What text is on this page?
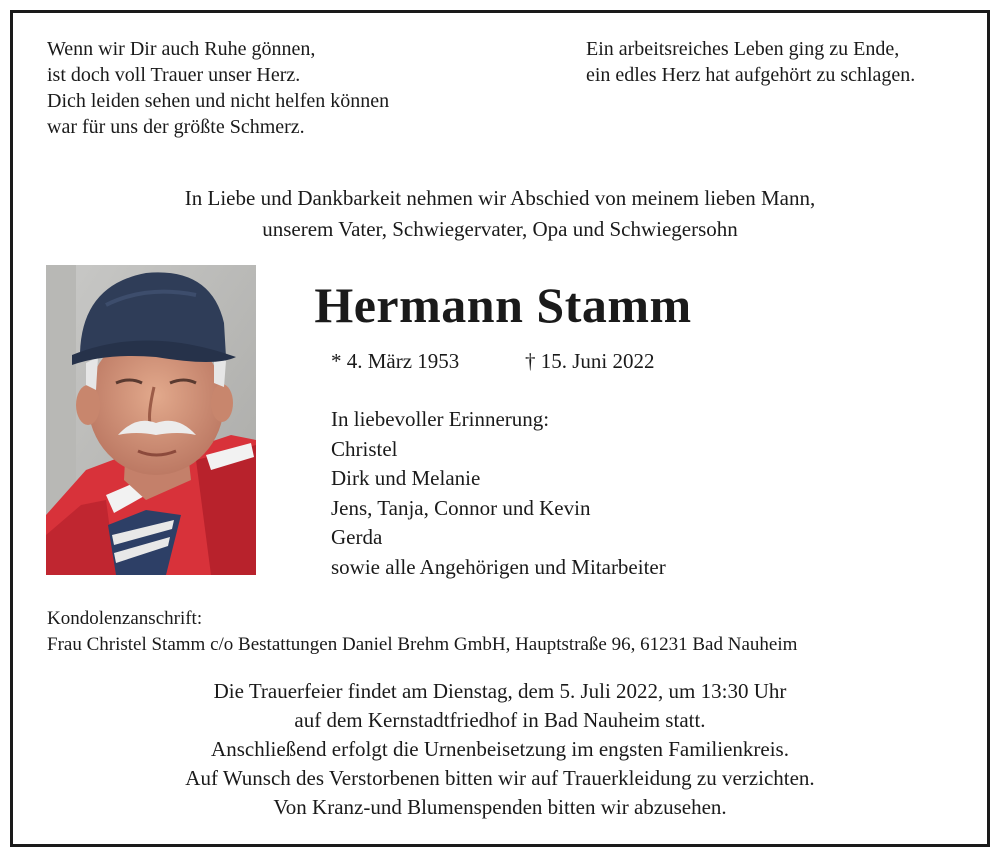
Wenn wir Dir auch Ruhe gönnen,
ist doch voll Trauer unser Herz.
Dich leiden sehen und nicht helfen können
war für uns der größte Schmerz.
Ein arbeitsreiches Leben ging zu Ende,
ein edles Herz hat aufgehört zu schlagen.
In Liebe und Dankbarkeit nehmen wir Abschied von meinem lieben Mann,
unserem Vater, Schwiegervater, Opa und Schwiegersohn
Hermann Stamm
* 4. März 1953	† 15. Juni 2022
In liebevoller Erinnerung:
Christel
Dirk und Melanie
Jens, Tanja, Connor und Kevin
Gerda
sowie alle Angehörigen und Mitarbeiter
Kondolenzanschrift:
Frau Christel Stamm c/o Bestattungen Daniel Brehm GmbH, Hauptstraße 96, 61231 Bad Nauheim
Die Trauerfeier findet am Dienstag, dem 5. Juli 2022, um 13:30 Uhr
auf dem Kernstadtfriedhof in Bad Nauheim statt.
Anschließend erfolgt die Urnenbeisetzung im engsten Familienkreis.
Auf Wunsch des Verstorbenen bitten wir auf Trauerkleidung zu verzichten.
Von Kranz-und Blumenspenden bitten wir abzusehen.
